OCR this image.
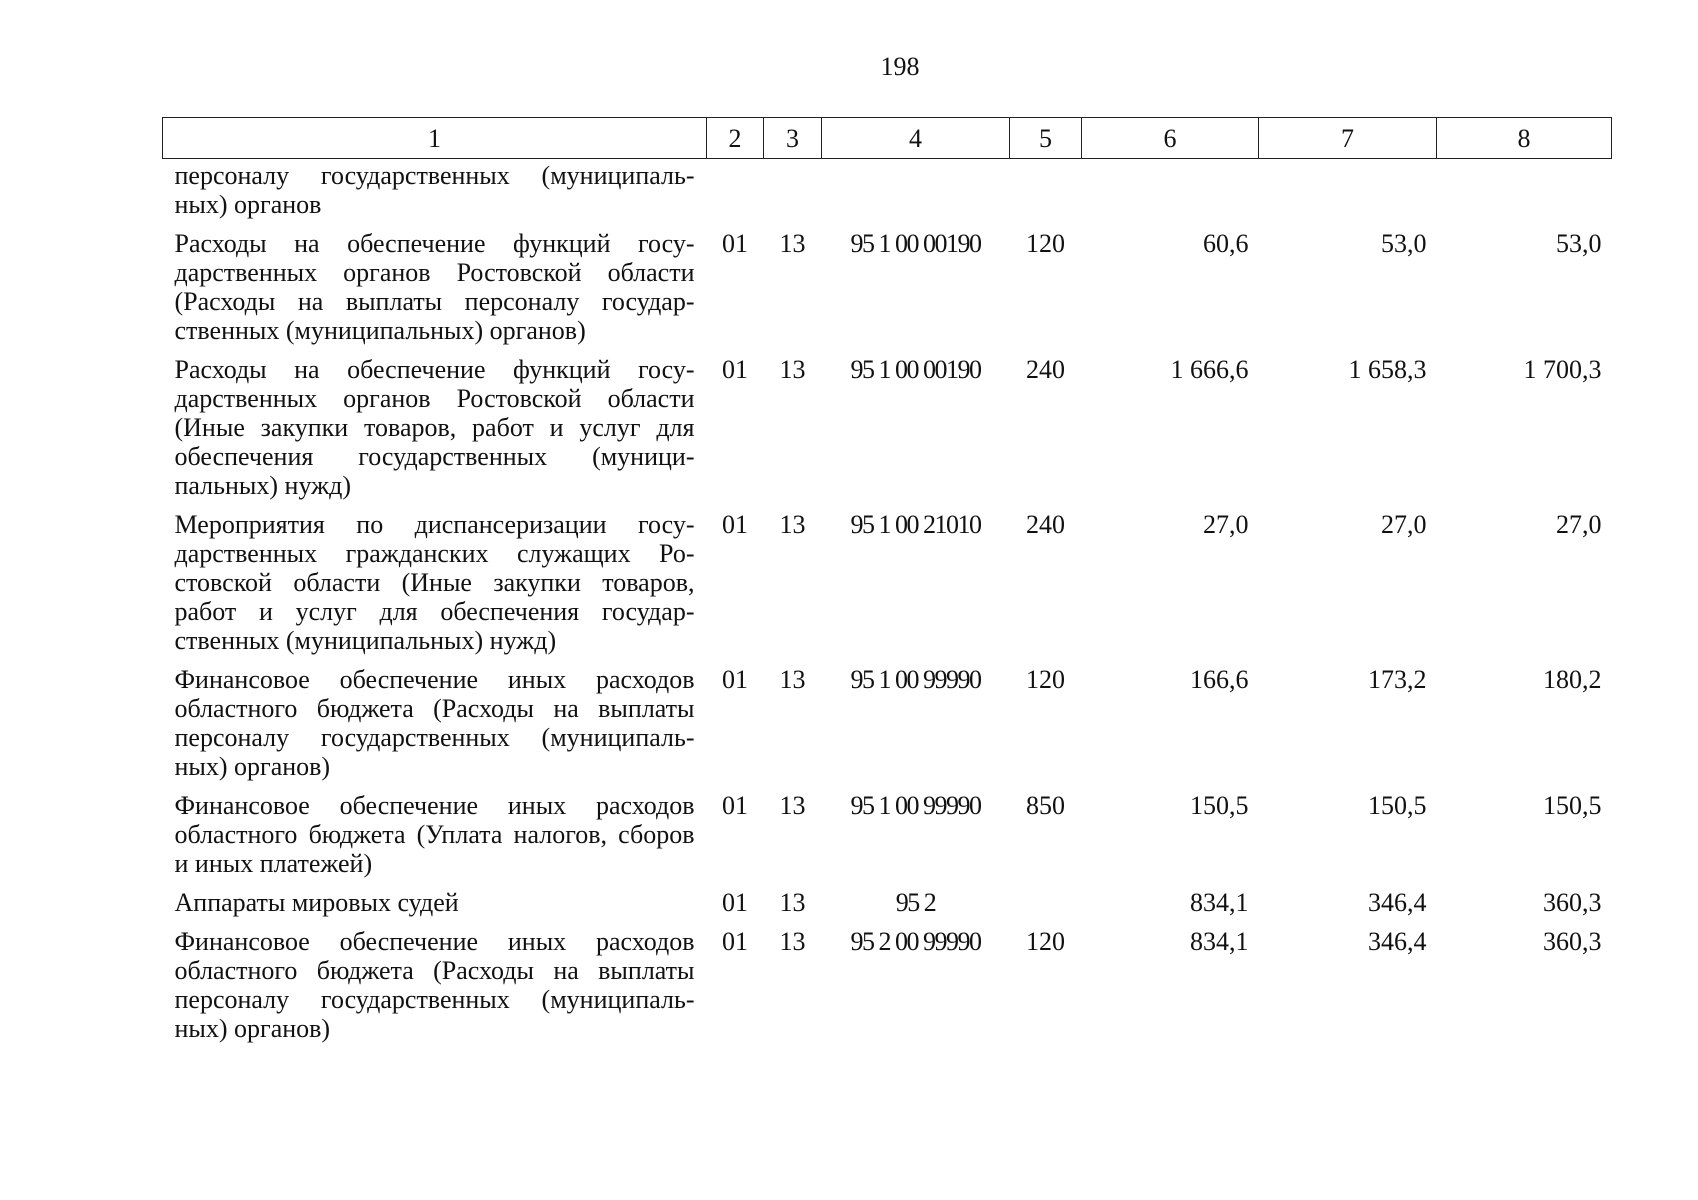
198
1	2	3	4	5	6	7	8
персоналу государственных (муниципаль-ных) органов							
Расходы на обеспечение функций госу-дарственных органов Ростовской области (Расходы на выплаты персоналу государ-ственных (муниципальных) органов)	01	13	95 1 00 00190	120	60,6	53,0	53,0
Расходы на обеспечение функций госу-дарственных органов Ростовской области (Иные закупки товаров, работ и услуг для обеспечения государственных (муници-пальных) нужд)	01	13	95 1 00 00190	240	1 666,6	1 658,3	1 700,3
Мероприятия по диспансеризации госу-дарственных гражданских служащих Ро-стовской области (Иные закупки товаров, работ и услуг для обеспечения государ-ственных (муниципальных) нужд)	01	13	95 1 00 21010	240	27,0	27,0	27,0
Финансовое обеспечение иных расходов областного бюджета (Расходы на выплаты персоналу государственных (муниципаль-ных) органов)	01	13	95 1 00 99990	120	166,6	173,2	180,2
Финансовое обеспечение иных расходов областного бюджета (Уплата налогов, сборов и иных платежей)	01	13	95 1 00 99990	850	150,5	150,5	150,5
Аппараты мировых судей	01	13	95 2		834,1	346,4	360,3
Финансовое обеспечение иных расходов областного бюджета (Расходы на выплаты персоналу государственных (муниципаль-ных) органов)	01	13	95 2 00 99990	120	834,1	346,4	360,3
